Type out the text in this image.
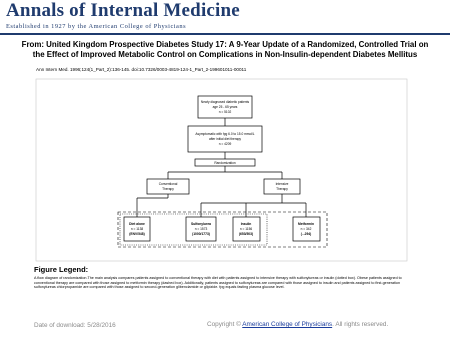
Annals of Internal Medicine
Established in 1927 by the American College of Physicians
From: United Kingdom Prospective Diabetes Study 17: A 9-Year Update of a Randomized, Controlled Trial on
the Effect of Improved Metabolic Control on Complications in Non-Insulin-dependent Diabetes Mellitus
Ann Intern Med. 1996;124(1_Part_2):136-145. doi:10.7326/0003-4819-124-1_Part_2-199601011-00011
Newly diagnosed diabetic patients
age 25 - 65 years
n = 5102
Asymptomatic with fpg 6.0 to 15.0 mmol/L
after initial diet therapy
n = 4209
Randomization
Conventional
Therapy
Intensive
Therapy
Diet alone
n = 1138
(ENV/548)
Sulfonylurea
n = 1573
(1000/1773)
Insulin
n = 1156
(653/503)
Metformin
n = 342
(...294)
Figure Legend:
A flow diagram of randomization.The main analysis compares patients assigned to conventional therapy with diet with patients assigned to intensive therapy with sulfonylureas or insulin (dotted box). Obese patients assigned to conventional therapy are compared with those assigned to metformin therapy (dashed box). Additionally, patients assigned to sulfonylureas are compared with those assigned to insulin and patients assigned to first-generation sulfonylureas chlorpropamide are compared with those assigned to second-generation glibenclamide or glipizide. fpg equals fasting plasma glucose level.
Date of download: 5/28/2016	Copyright © American College of Physicians. All rights reserved.
